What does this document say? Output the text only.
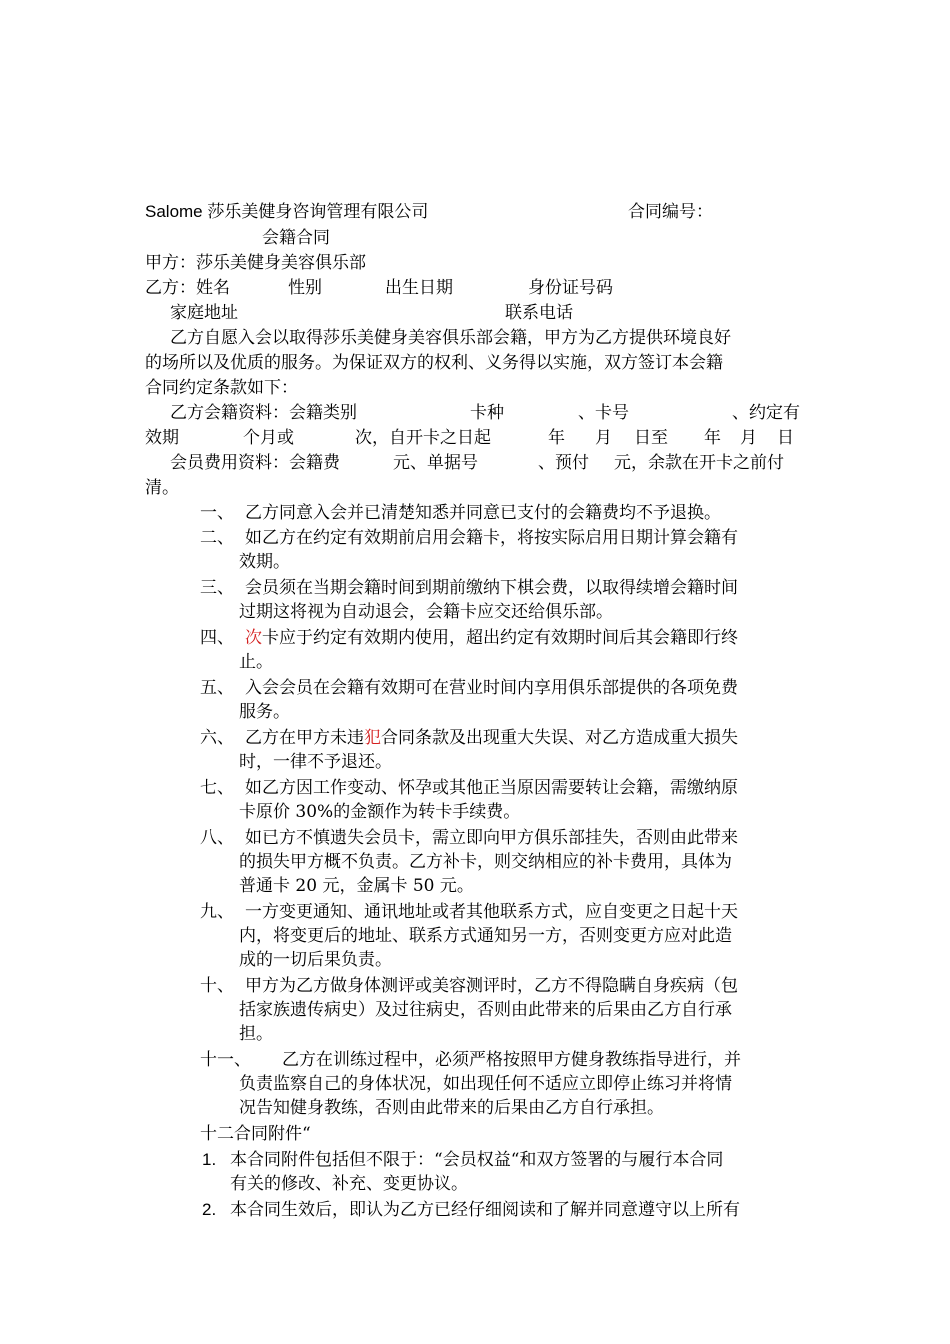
Salome 莎乐美健身咨询管理有限公司	合同编号：
会籍合同
甲方：莎乐美健身美容俱乐部
乙方：姓名	性别	出生日期	身份证号码
家庭地址	联系电话
乙方自愿入会以取得莎乐美健身美容俱乐部会籍，甲方为乙方提供环境良好
的场所以及优质的服务。为保证双方的权利、义务得以实施，双方签订本会籍
合同约定条款如下：
乙方会籍资料：会籍类别	卡种	、卡号	、约定有
效期	个月或	次，自开卡之日起	年 月 日至 年 月 日
会员费用资料：会籍费	元、单据号	、预付 元，余款在开卡之前付
清。
一、 乙方同意入会并已清楚知悉并同意已支付的会籍费均不予退换。
二、 如乙方在约定有效期前启用会籍卡，将按实际启用日期计算会籍有
效期。
三、 会员须在当期会籍时间到期前缴纳下棋会费，以取得续增会籍时间
过期这将视为自动退会，会籍卡应交还给俱乐部。
四、 次卡应于约定有效期内使用，超出约定有效期时间后其会籍即行终
止。
五、 入会会员在会籍有效期可在营业时间内享用俱乐部提供的各项免费
服务。
六、 乙方在甲方未违犯合同条款及出现重大失误、对乙方造成重大损失
时，一律不予退还。
七、 如乙方因工作变动、怀孕或其他正当原因需要转让会籍，需缴纳原
卡原价 30%的金额作为转卡手续费。
八、 如已方不慎遗失会员卡，需立即向甲方俱乐部挂失，否则由此带来
的损失甲方概不负责。乙方补卡，则交纳相应的补卡费用，具体为
普通卡 20 元，金属卡 50 元。
九、 一方变更通知、通讯地址或者其他联系方式，应自变更之日起十天
内，将变更后的地址、联系方式通知另一方，否则变更方应对此造
成的一切后果负责。
十、 甲方为乙方做身体测评或美容测评时，乙方不得隐瞒自身疾病（包
括家族遗传病史）及过往病史，否则由此带来的后果由乙方自行承
担。
十一、 乙方在训练过程中，必须严格按照甲方健身教练指导进行，并
负责监察自己的身体状况，如出现任何不适应立即停止练习并将情
况告知健身教练，否则由此带来的后果由乙方自行承担。
十二合同附件“
1. 本合同附件包括但不限于：“会员权益“和双方签署的与履行本合同
有关的修改、补充、变更协议。
2. 本合同生效后，即认为乙方已经仔细阅读和了解并同意遵守以上所有
